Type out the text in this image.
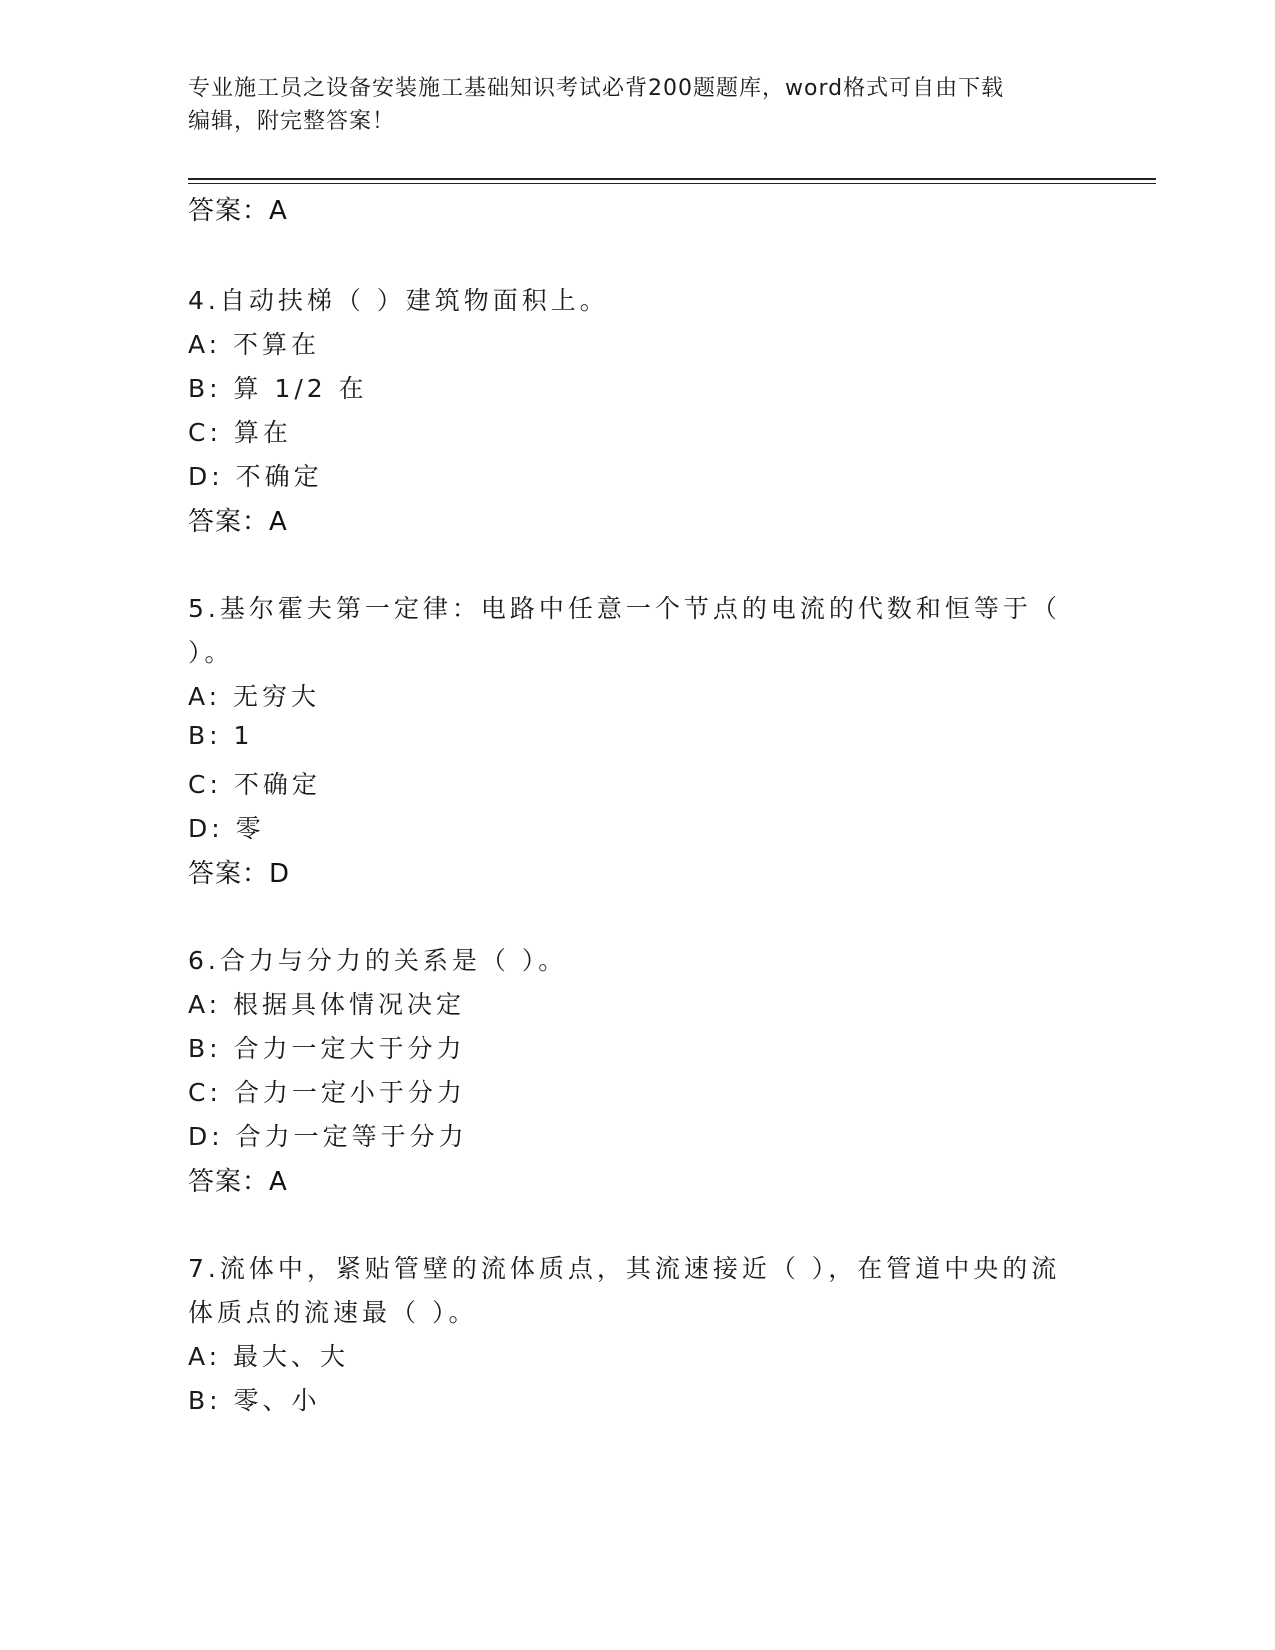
专业施工员之设备安装施工基础知识考试必背200题题库，word格式可自由下载
编辑，附完整答案！
答案：A
4.自动扶梯（ ）建筑物面积上。
A: 不算在
B: 算 1/2 在
C: 算在
D: 不确定
答案：A
5.基尔霍夫第一定律：电路中任意一个节点的电流的代数和恒等于（
）。
A: 无穷大
B: 1
C: 不确定
D: 零
答案：D
6.合力与分力的关系是（ ）。
A: 根据具体情况决定
B: 合力一定大于分力
C: 合力一定小于分力
D: 合力一定等于分力
答案：A
7.流体中，紧贴管壁的流体质点，其流速接近（ ），在管道中央的流
体质点的流速最（ ）。
A: 最大、大
B: 零、小
